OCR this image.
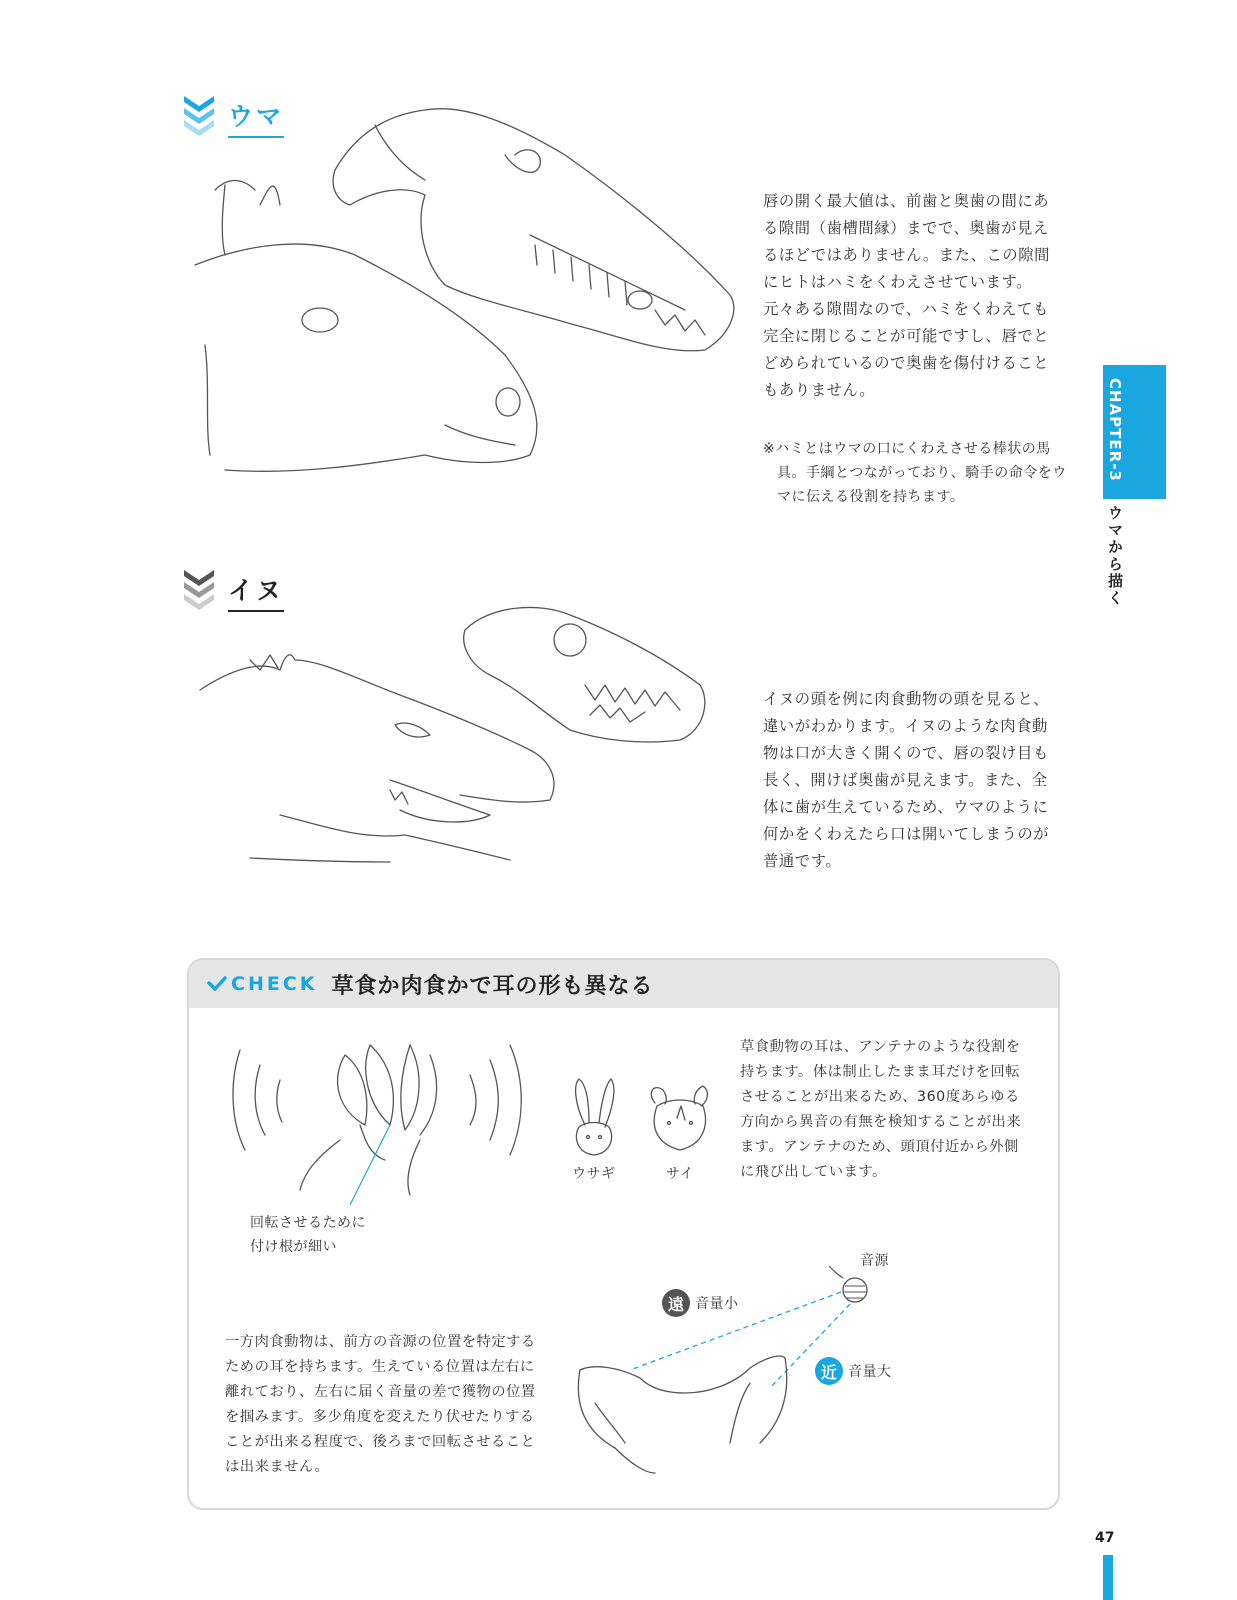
ウマ
唇の開く最大値は、前歯と奥歯の間にある隙間（歯槽間縁）までで、奥歯が見えるほどではありません。また、この隙間にヒトはハミをくわえさせています。元々ある隙間なので、ハミをくわえても完全に閉じることが可能ですし、唇でとどめられているので奥歯を傷付けることもありません。
※ハミとはウマの口にくわえさせる棒状の馬具。手綱とつながっており、騎手の命令をウマに伝える役割を持ちます。
CHAPTER-3
ウマから描く
イヌ
イヌの頭を例に肉食動物の頭を見ると、違いがわかります。イヌのような肉食動物は口が大きく開くので、唇の裂け目も長く、開けば奥歯が見えます。また、全体に歯が生えているため、ウマのように何かをくわえたら口は開いてしまうのが普通です。
CHECK 草食か肉食かで耳の形も異なる
回転させるために付け根が細い
ウサギ	サイ
草食動物の耳は、アンテナのような役割を持ちます。体は制止したまま耳だけを回転させることが出来るため、360度あらゆる方向から異音の有無を検知することが出来ます。アンテナのため、頭頂付近から外側に飛び出しています。
一方肉食動物は、前方の音源の位置を特定するための耳を持ちます。生えている位置は左右に離れており、左右に届く音量の差で獲物の位置を掴みます。多少角度を変えたり伏せたりすることが出来る程度で、後ろまで回転させることは出来ません。
音源
遠 音量小
近 音量大
47
